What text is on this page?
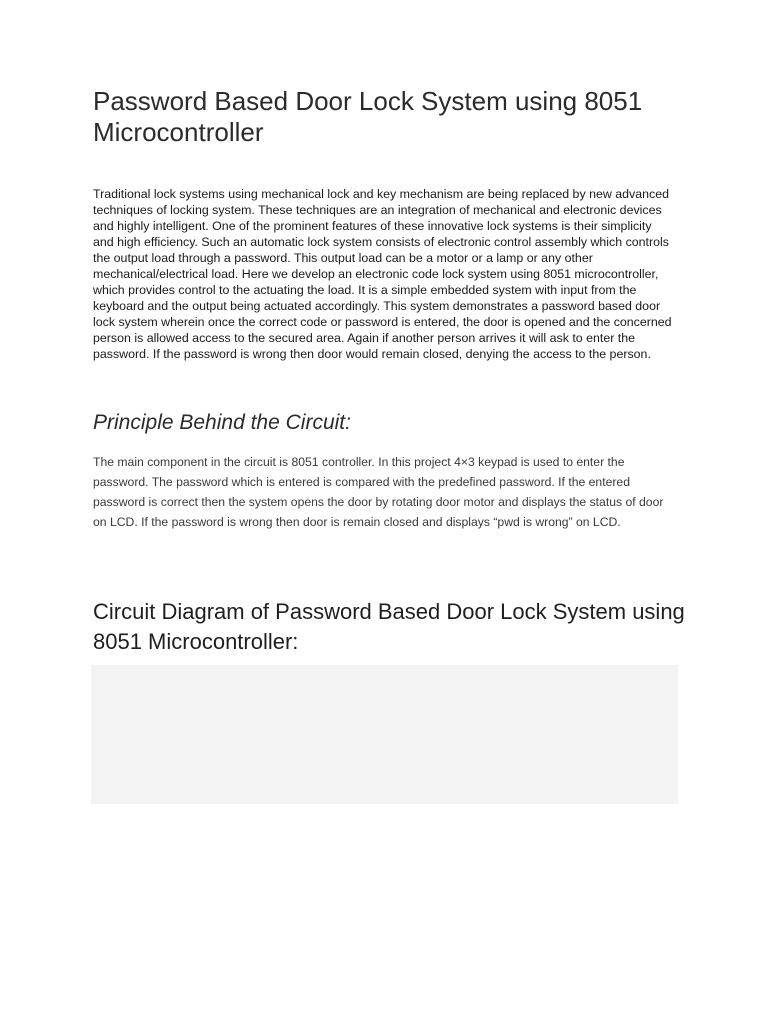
Password Based Door Lock System using 8051 Microcontroller

Traditional lock systems using mechanical lock and key mechanism are being replaced by new advanced techniques of locking system. These techniques are an integration of mechanical and electronic devices and highly intelligent. One of the prominent features of these innovative lock systems is their simplicity and high efficiency. Such an automatic lock system consists of electronic control assembly which controls the output load through a password. This output load can be a motor or a lamp or any other mechanical/electrical load. Here we develop an electronic code lock system using 8051 microcontroller, which provides control to the actuating the load. It is a simple embedded system with input from the keyboard and the output being actuated accordingly. This system demonstrates a password based door lock system wherein once the correct code or password is entered, the door is opened and the concerned person is allowed access to the secured area. Again if another person arrives it will ask to enter the password. If the password is wrong then door would remain closed, denying the access to the person.

Principle Behind the Circuit:

The main component in the circuit is 8051 controller. In this project 4×3 keypad is used to enter the password. The password which is entered is compared with the predefined password. If the entered password is correct then the system opens the door by rotating door motor and displays the status of door on LCD. If the password is wrong then door is remain closed and displays “pwd is wrong” on LCD.

Circuit Diagram of Password Based Door Lock System using 8051 Microcontroller:
